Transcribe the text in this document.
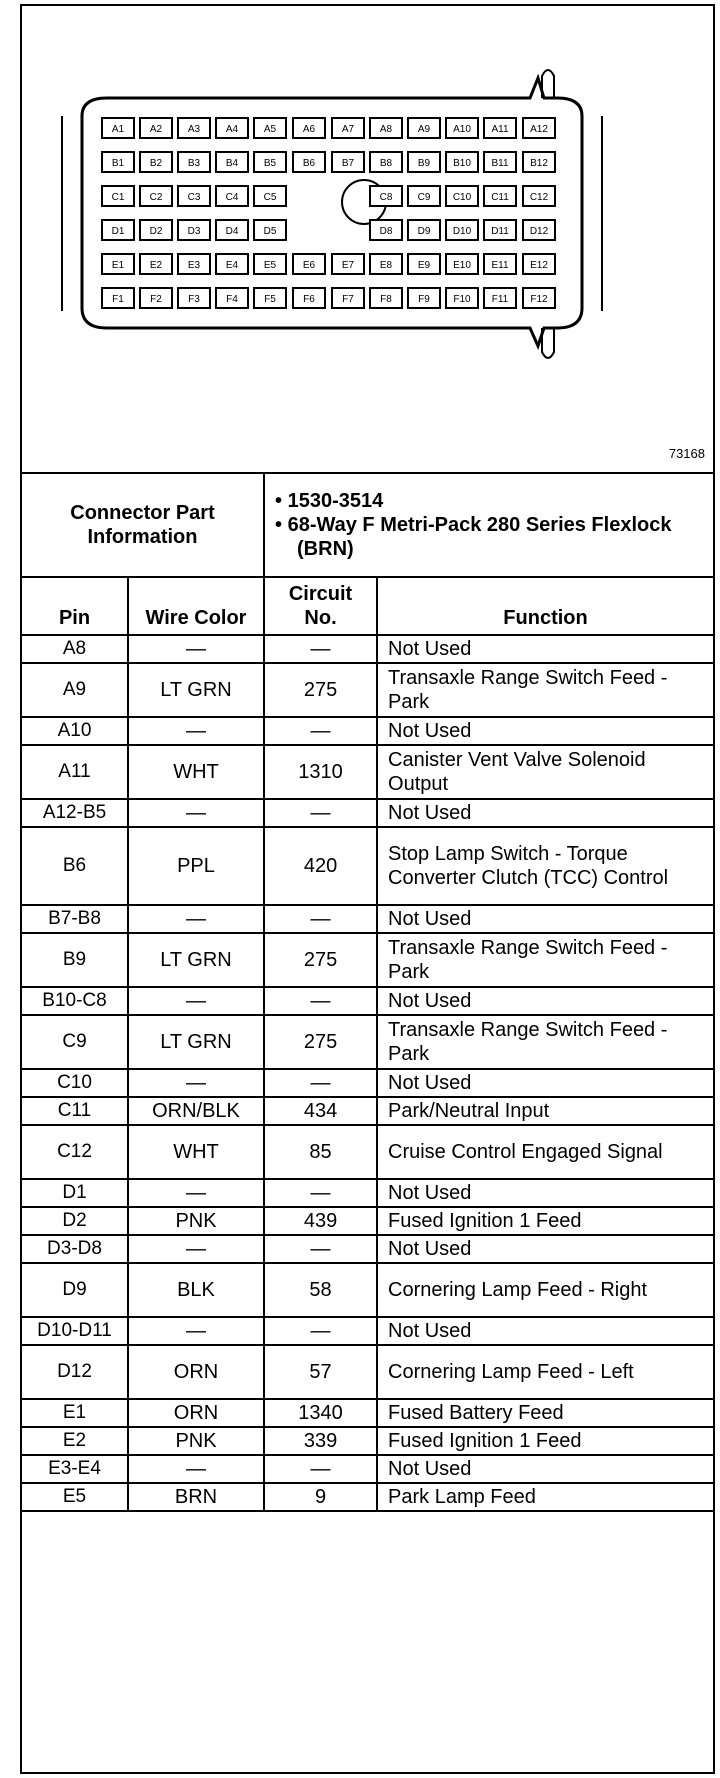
A1	A2	A3	A4	A5	A6	A7	A8	A9 A10 A11 A12
B1	B2	B3	B4	B5	B6	B7	B8	B9 B10 B11 B12
C1	C2	C3	C4	C5	C8	C9 C10 C11 C12
D1	D2	D3	D4	D5	D8	D9 D10 D11 D12
E1	E2	E3	E4	E5	E6	E7	E8	E9 E10 E11 E12
F1	F2	F3	F4	F5	F6	F7	F8	F9 F10 F11 F12
73168
Connector Part Information		• 1530-3514
• 68-Way F Metri-Pack 280 Series Flexlock (BRN)	

Pin	Wire Color	Circuit No.	Function
A8	—	—	Not Used
A9	LT GRN	275	Transaxle Range Switch Feed - Park
A10	—	—	Not Used
A11	WHT	1310	Canister Vent Valve Solenoid Output
A12-B5	—	—	Not Used
B6	PPL	420	Stop Lamp Switch - Torque Converter Clutch (TCC) Control
B7-B8	—	—	Not Used
B9	LT GRN	275	Transaxle Range Switch Feed - Park
B10-C8	—	—	Not Used
C9	LT GRN	275	Transaxle Range Switch Feed - Park
C10	—	—	Not Used
C11	ORN/BLK	434	Park/Neutral Input
C12	WHT	85	Cruise Control Engaged Signal
D1	—	—	Not Used
D2	PNK	439	Fused Ignition 1 Feed
D3-D8	—	—	Not Used
D9	BLK	58	Cornering Lamp Feed - Right
D10-D11	—	—	Not Used
D12	ORN	57	Cornering Lamp Feed - Left
E1	ORN	1340	Fused Battery Feed
E2	PNK	339	Fused Ignition 1 Feed
E3-E4	—	—	Not Used
E5	BRN	9	Park Lamp Feed
